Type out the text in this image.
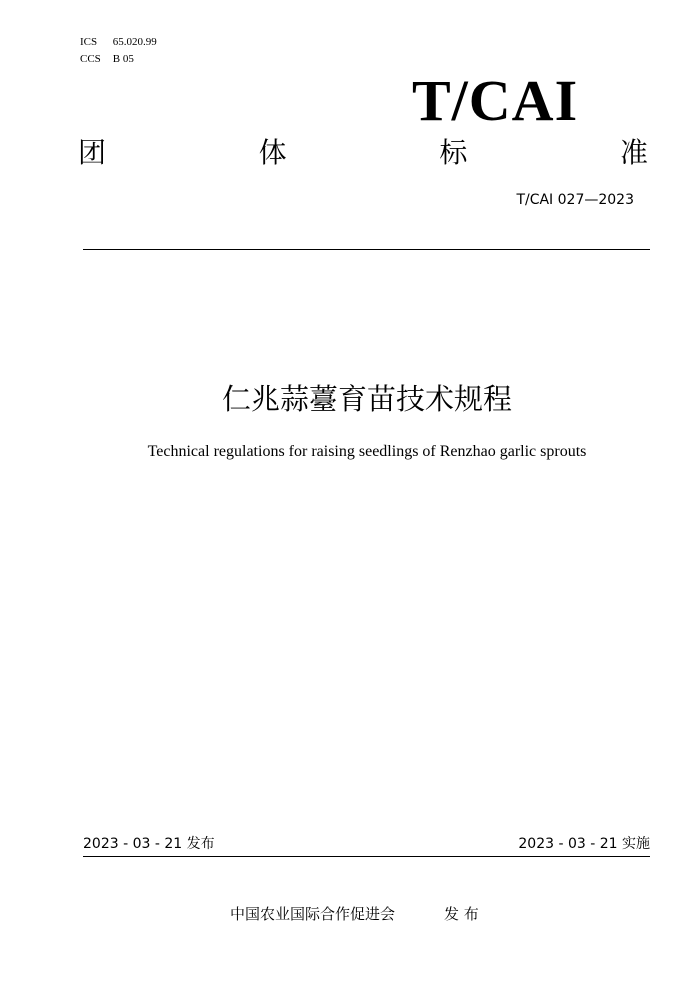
ICS 65.020.99
CCS B 05
T/CAI
团	体	标	准
T/CAI 027—2023
仁兆蒜薹育苗技术规程
Technical regulations for raising seedlings of Renzhao garlic sprouts
2023 - 03 - 21 发布	2023 - 03 - 21 实施
中国农业国际合作促进会	发 布
